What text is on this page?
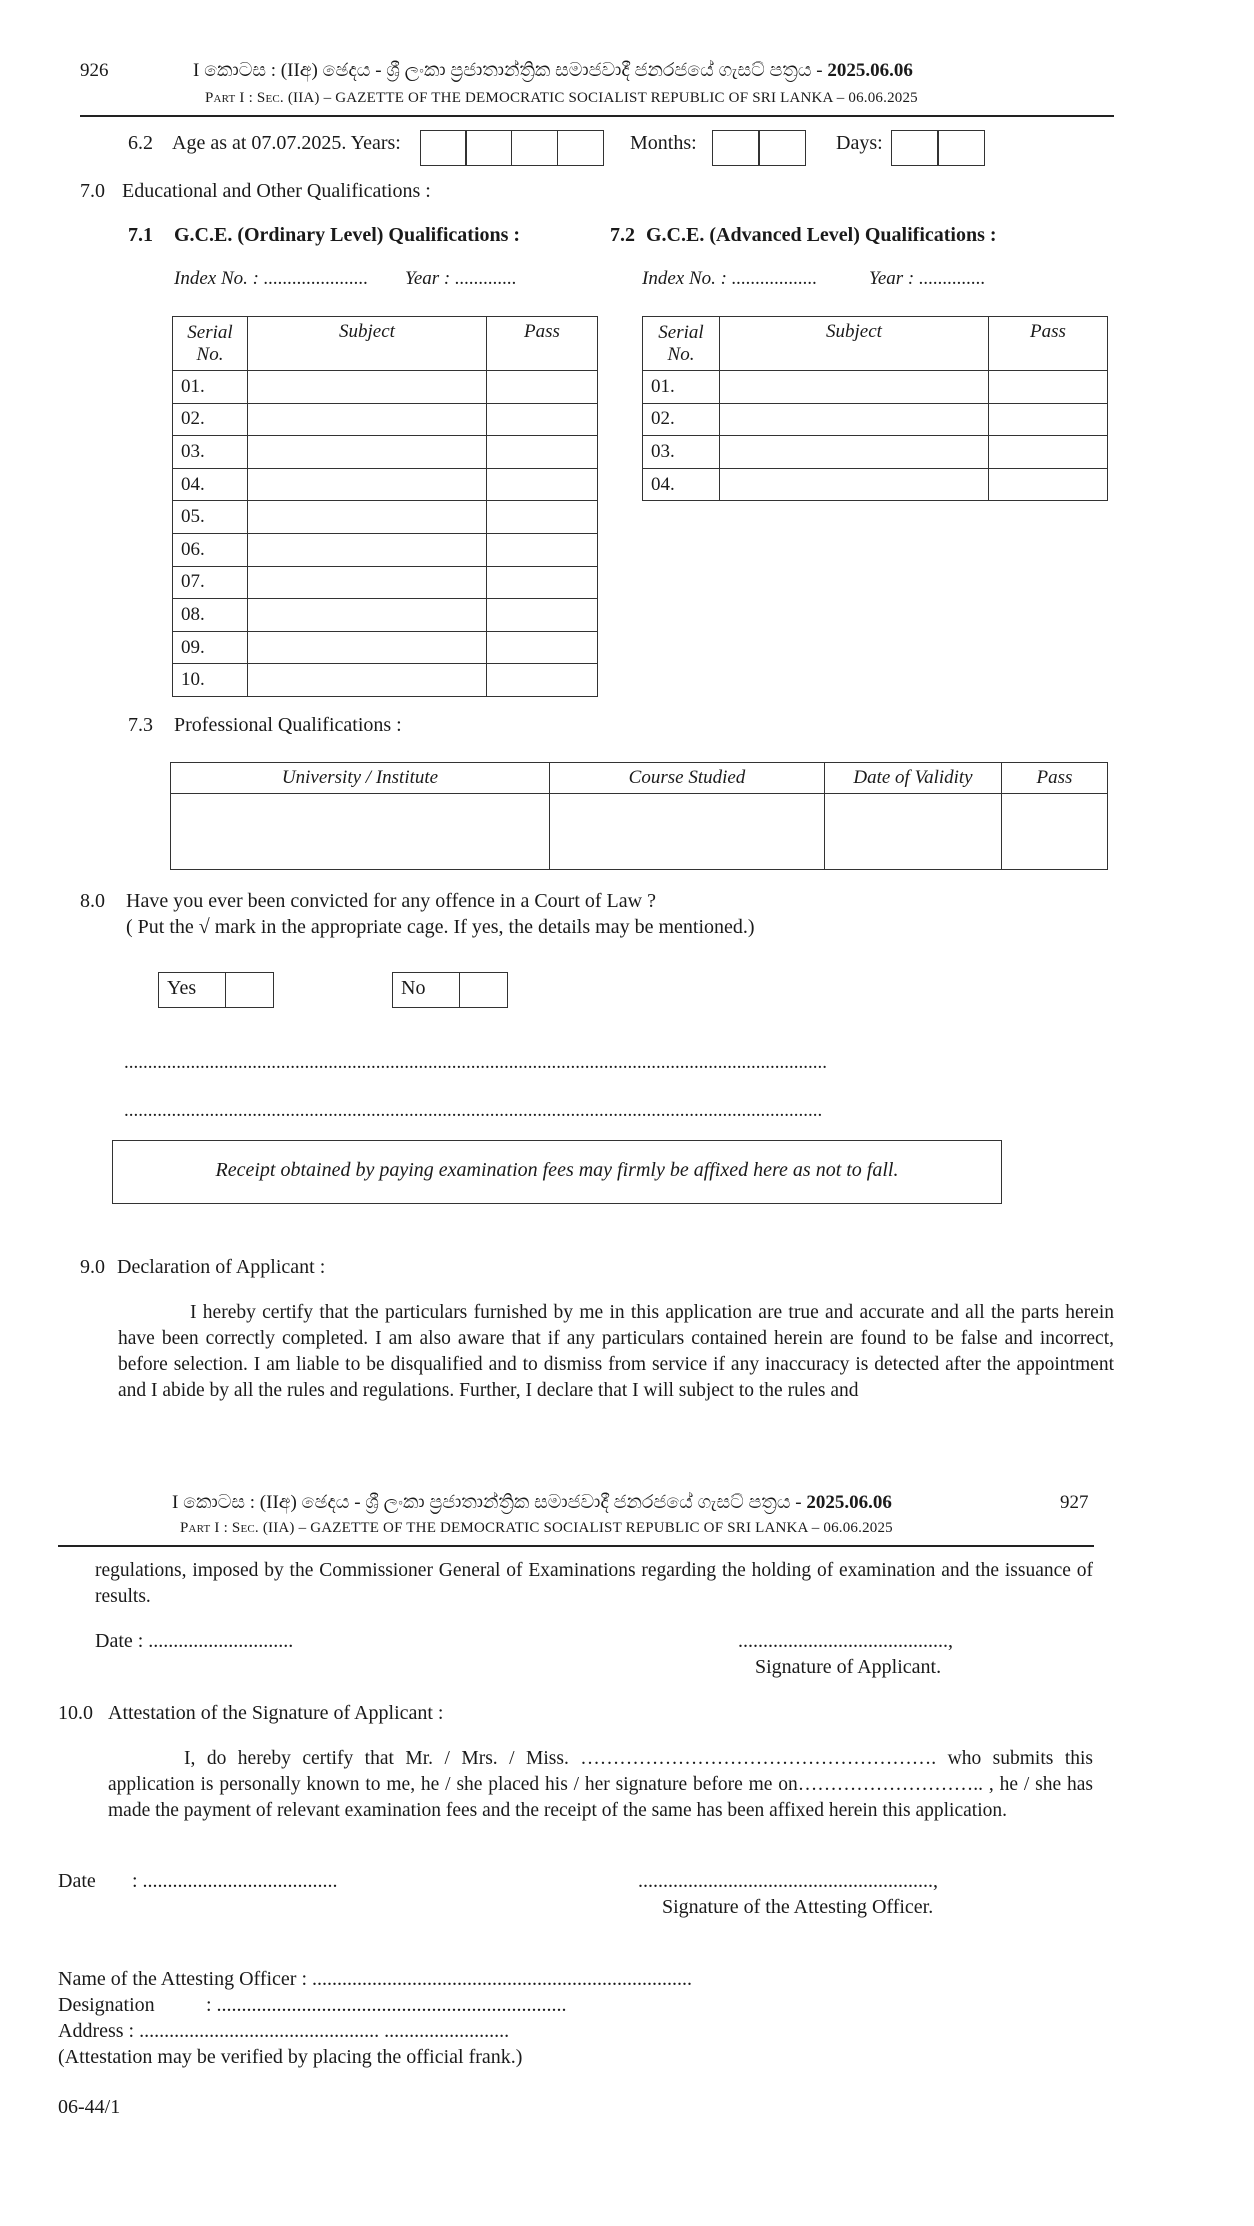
926	I කොටස : (IIඅ) ඡෙදය - ශ්‍රී ලංකා ප්‍රජාතාන්ත්‍රික සමාජවාදී ජනරජයේ ගැසට් පත්‍රය - 2025.06.06
Part I : Sec. (IIA) – GAZETTE OF THE DEMOCRATIC SOCIALIST REPUBLIC OF SRI LANKA – 06.06.2025
6.2 Age as at 07.07.2025. Years:	Months:	Days:
7.0 Educational and Other Qualifications :
7.1 G.C.E. (Ordinary Level) Qualifications :
Index No. : ...................... Year : .............
Serial No.	Subject	Pass
01.		
02.		
03.		
04.		
05.		
06.		
07.		
08.		
09.		
10.		
7.2 G.C.E. (Advanced Level) Qualifications :
Index No. : ..................	Year : ..............
Serial No.	Subject	Pass
01.		
02.		
03.		
04.		
7.3 Professional Qualifications :
University / Institute	Course Studied	Date of Validity	Pass

8.0 Have you ever been convicted for any offence in a Court of Law ?
( Put the √ mark in the appropriate cage. If yes, the details may be mentioned.)
Yes	No
....................................................................................................................................................
...................................................................................................................................................
Receipt obtained by paying examination fees may firmly be affixed here as not to fall.
9.0 Declaration of Applicant :
I hereby certify that the particulars furnished by me in this application are true and accurate and all the parts herein have been correctly completed. I am also aware that if any particulars contained herein are found to be false and incorrect, before selection. I am liable to be disqualified and to dismiss from service if any inaccuracy is detected after the appointment and I abide by all the rules and regulations. Further, I declare that I will subject to the rules and
I කොටස : (IIඅ) ඡෙදය - ශ්‍රී ලංකා ප්‍රජාතාන්ත්‍රික සමාජවාදී ජනරජයේ ගැසට් පත්‍රය - 2025.06.06	927
Part I : Sec. (IIA) – GAZETTE OF THE DEMOCRATIC SOCIALIST REPUBLIC OF SRI LANKA – 06.06.2025
regulations, imposed by the Commissioner General of Examinations regarding the holding of examination and the issuance of results.
Date : .............................	..........................................,
Signature of Applicant.
10.0 Attestation of the Signature of Applicant :
I, do hereby certify that Mr. / Mrs. / Miss. ………………………………………………. who submits this application is personally known to me, he / she placed his / her signature before me on……………………….. , he / she has made the payment of relevant examination fees and the receipt of the same has been affixed herein this application.
Date : .......................................	...........................................................,
Signature of the Attesting Officer.
Name of the Attesting Officer : ............................................................................
Designation	: ......................................................................
Address : ................................................ .........................
(Attestation may be verified by placing the official frank.)
06-44/1
